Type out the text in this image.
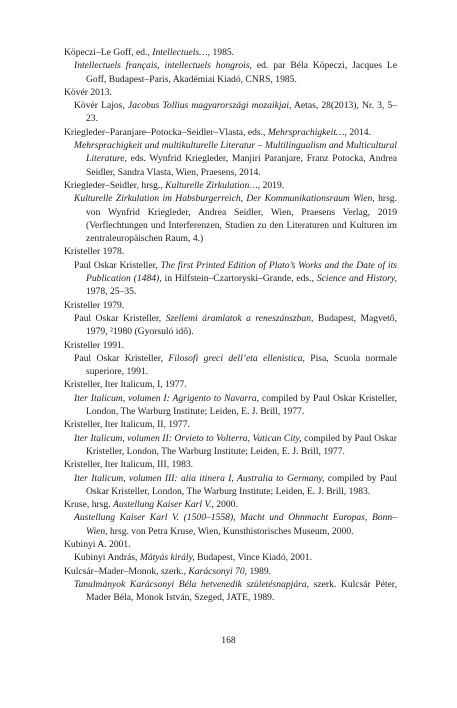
Köpeczi–Le Goff, ed., Intellectuels…, 1985.

Intellectuels français, intellectuels hongrois, ed. par Béla Köpeczi, Jacques Le Goff, Budapest–Paris, Akadémiai Kiadó, CNRS, 1985.

Kövér 2013.

Kövér Lajos, Jacobus Tollius magyarországi mozaikjai, Aetas, 28(2013), Nr. 3, 5–23.

Kriegleder–Paranjare–Potocka–Seidler–Vlasta, eds., Mehrsprachigkeit…, 2014.

Mehrsprachigkeit und multikulturelle Literatur – Multilingualism and Multicultural Literature, eds. Wynfrid Kriegleder, Manjiri Paranjare, Franz Potocka, Andrea Seidler, Sandra Vlasta, Wien, Praesens, 2014.

Kriegleder–Seidler, hrsg., Kulturelle Zirkulation…, 2019.

Kulturelle Zirkulation im Habsburgerreich, Der Kommunikationsraum Wien, hrsg. von Wynfrid Kriegleder, Andrea Seidler, Wien, Praesens Verlag, 2019 (Verflechtungen und Interferenzen, Studien zu den Literaturen und Kulturen im zentraleuropäischen Raum, 4.)

Kristeller 1978.

Paul Oskar Kristeller, The first Printed Edition of Plato’s Works and the Date of its Publication (1484), in Hilfstein–Czartoryski–Grande, eds., Science and History, 1978, 25–35.

Kristeller 1979.

Paul Oskar Kristeller, Szellemi áramlatok a reneszánszban, Budapest, Magvető, 1979, ²1980 (Gyorsuló idő).

Kristeller 1991.

Paul Oskar Kristeller, Filosofi greci dell’eta ellenistica, Pisa, Scuola normale superiore, 1991.

Kristeller, Iter Italicum, I, 1977.

Iter Italicum, volumen I: Agrigento to Navarra, compiled by Paul Oskar Kristeller, London, The Warburg Institute; Leiden, E. J. Brill, 1977.

Kristeller, Iter Italicum, II, 1977.

Iter Italicum, volumen II: Orvieto to Volterra, Vatican City, compiled by Paul Oskar Kristeller, London, The Warburg Institute; Leiden, E. J. Brill, 1977.

Kristeller, Iter Italicum, III, 1983.

Iter Italicum, volumen III: alia itinera I, Australia to Germany, compiled by Paul Oskar Kristeller, London, The Warburg Institute; Leiden, E. J. Brill, 1983.

Kruse, hrsg. Austellung Kaiser Karl V., 2000.

Austellung Kaiser Karl V. (1500–1558), Macht und Ohnmacht Europas, Bonn–Wien, hrsg. von Petra Kruse, Wien, Kunsthistorisches Museum, 2000.

Kubinyi A. 2001.

Kubinyi András, Mátyás király, Budapest, Vince Kiadó, 2001.

Kulcsár–Mader–Monok, szerk., Karácsonyi 70, 1989.

Tanulmányok Karácsonyi Béla hetvenedik születésnapjára, szerk. Kulcsár Péter, Mader Béla, Monok István, Szeged, JATE, 1989.

168
